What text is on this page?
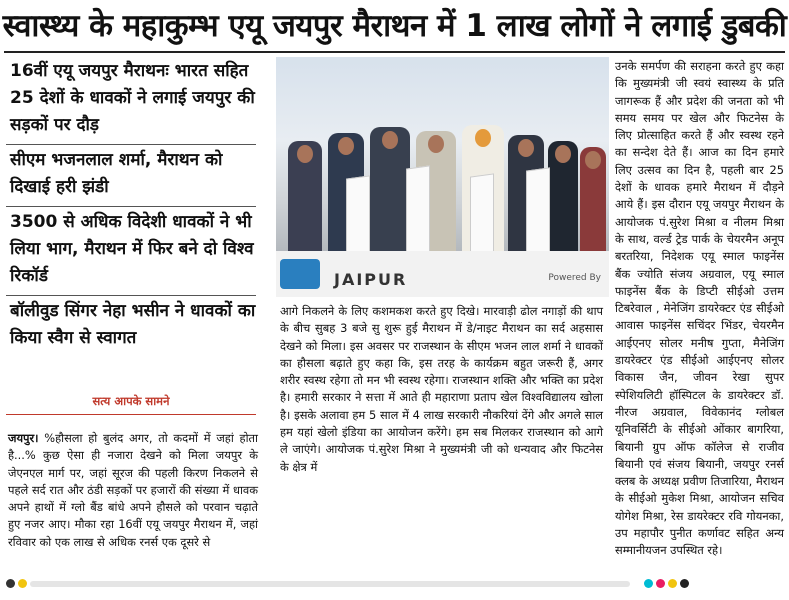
स्वास्थ्य के महाकुम्भ एयू जयपुर मैराथन में 1 लाख लोगों ने लगाई डुबकी
16वीं एयू जयपुर मैराथनः भारत सहित 25 देशों के धावकों ने लगाई जयपुर की सड़कों पर दौड़
सीएम भजनलाल शर्मा, मैराथन को दिखाई हरी झंडी
3500 से अधिक विदेशी धावकों ने भी लिया भाग, मैराथन में फिर बने दो विश्व रिकॉर्ड
बॉलीवुड सिंगर नेहा भसीन ने धावकों का किया स्वैग से स्वागत
सत्य आपके सामने
जयपुर। %हौसला हो बुलंद अगर, तो कदमों में जहां होता है...% कुछ ऐसा ही नजारा देखने को मिला जयपुर के जेएनएल मार्ग पर, जहां सूरज की पहली किरण निकलने से पहले सर्द रात और ठंडी सड़कों पर हजारों की संख्या में धावक अपने हाथों में ग्लो बैंड बांधे अपने हौसले को परवान चढ़ाते हुए नजर आए। मौका रहा 16वीं एयू जयपुर मैराथन में, जहां रविवार को एक लाख से अधिक रनर्स एक दूसरे से
JAIPUR	Powered By
आगे निकलने के लिए कशमकश करते हुए दिखे। मारवाड़ी ढोल नगाड़ों की थाप के बीच सुबह 3 बजे सु शुरू हुई मैराथन में डे/नाइट मैराथन का सर्द अहसास देखने को मिला। इस अवसर पर राजस्थान के सीएम भजन लाल शर्मा ने धावकों का हौसला बढ़ाते हुए कहा कि, इस तरह के कार्यक्रम बहुत जरूरी हैं, अगर शरीर स्वस्थ रहेगा तो मन भी स्वस्थ रहेगा। राजस्थान शक्ति और भक्ति का प्रदेश है। हमारी सरकार ने सत्ता में आते ही महाराणा प्रताप खेल विश्वविद्यालय खोला है। इसके अलावा हम 5 साल में 4 लाख सरकारी नौकरियां देंगे और अगले साल हम यहां खेलो इंडिया का आयोजन करेंगे। हम सब मिलकर राजस्थान को आगे ले जाएंगे। आयोजक पं.सुरेश मिश्रा ने मुख्यमंत्री जी को धन्यवाद और फिटनेस के क्षेत्र में
उनके समर्पण की सराहना करते हुए कहा कि मुख्यमंत्री जी स्वयं स्वास्थ्य के प्रति जागरूक हैं और प्रदेश की जनता को भी समय समय पर खेल और फिटनेस के लिए प्रोत्साहित करते हैं और स्वस्थ रहने का सन्देश देते हैं। आज का दिन हमारे लिए उत्सव का दिन है, पहली बार 25 देशों के धावक हमारे मैराथन में दौड़ने आये हैं। इस दौरान एयू जयपुर मैराथन के आयोजक पं.सुरेश मिश्रा व नीलम मिश्रा के साथ, वर्ल्ड ट्रेड पार्क के चेयरमैन अनूप बरतरिया, निदेशक एयू स्माल फाइनेंस बैंक ज्योति संजय अग्रवाल, एयू स्माल फाइनेंस बैंक के डिप्टी सीईओ उत्तम टिबरेवाल , मेनेजिंग डायरेक्टर एंड सीईओ आवास फाइनेंस सचिंदर भिंडर, चेयरमैन आईएनए सोलर मनीष गुप्ता, मैनेजिंग डायरेक्टर एंड सीईओ आईएनए सोलर विकास जैन, जीवन रेखा सुपर स्पेशियलिटी हॉस्पिटल के डायरेक्टर डॉ. नीरज अग्रवाल, विवेकानंद ग्लोबल यूनिवर्सिटी के सीईओ ओंकार बागरिया, बियानी ग्रुप ऑफ कॉलेज से राजीव बियानी एवं संजय बियानी, जयपुर रनर्स क्लब के अध्यक्ष प्रवीण तिजारिया, मैराथन के सीईओ मुकेश मिश्रा, आयोजन सचिव योगेश मिश्रा, रेस डायरेक्टर रवि गोयनका, उप महापौर पुनीत कर्णावट सहित अन्य सम्मानीयजन उपस्थित रहे।
